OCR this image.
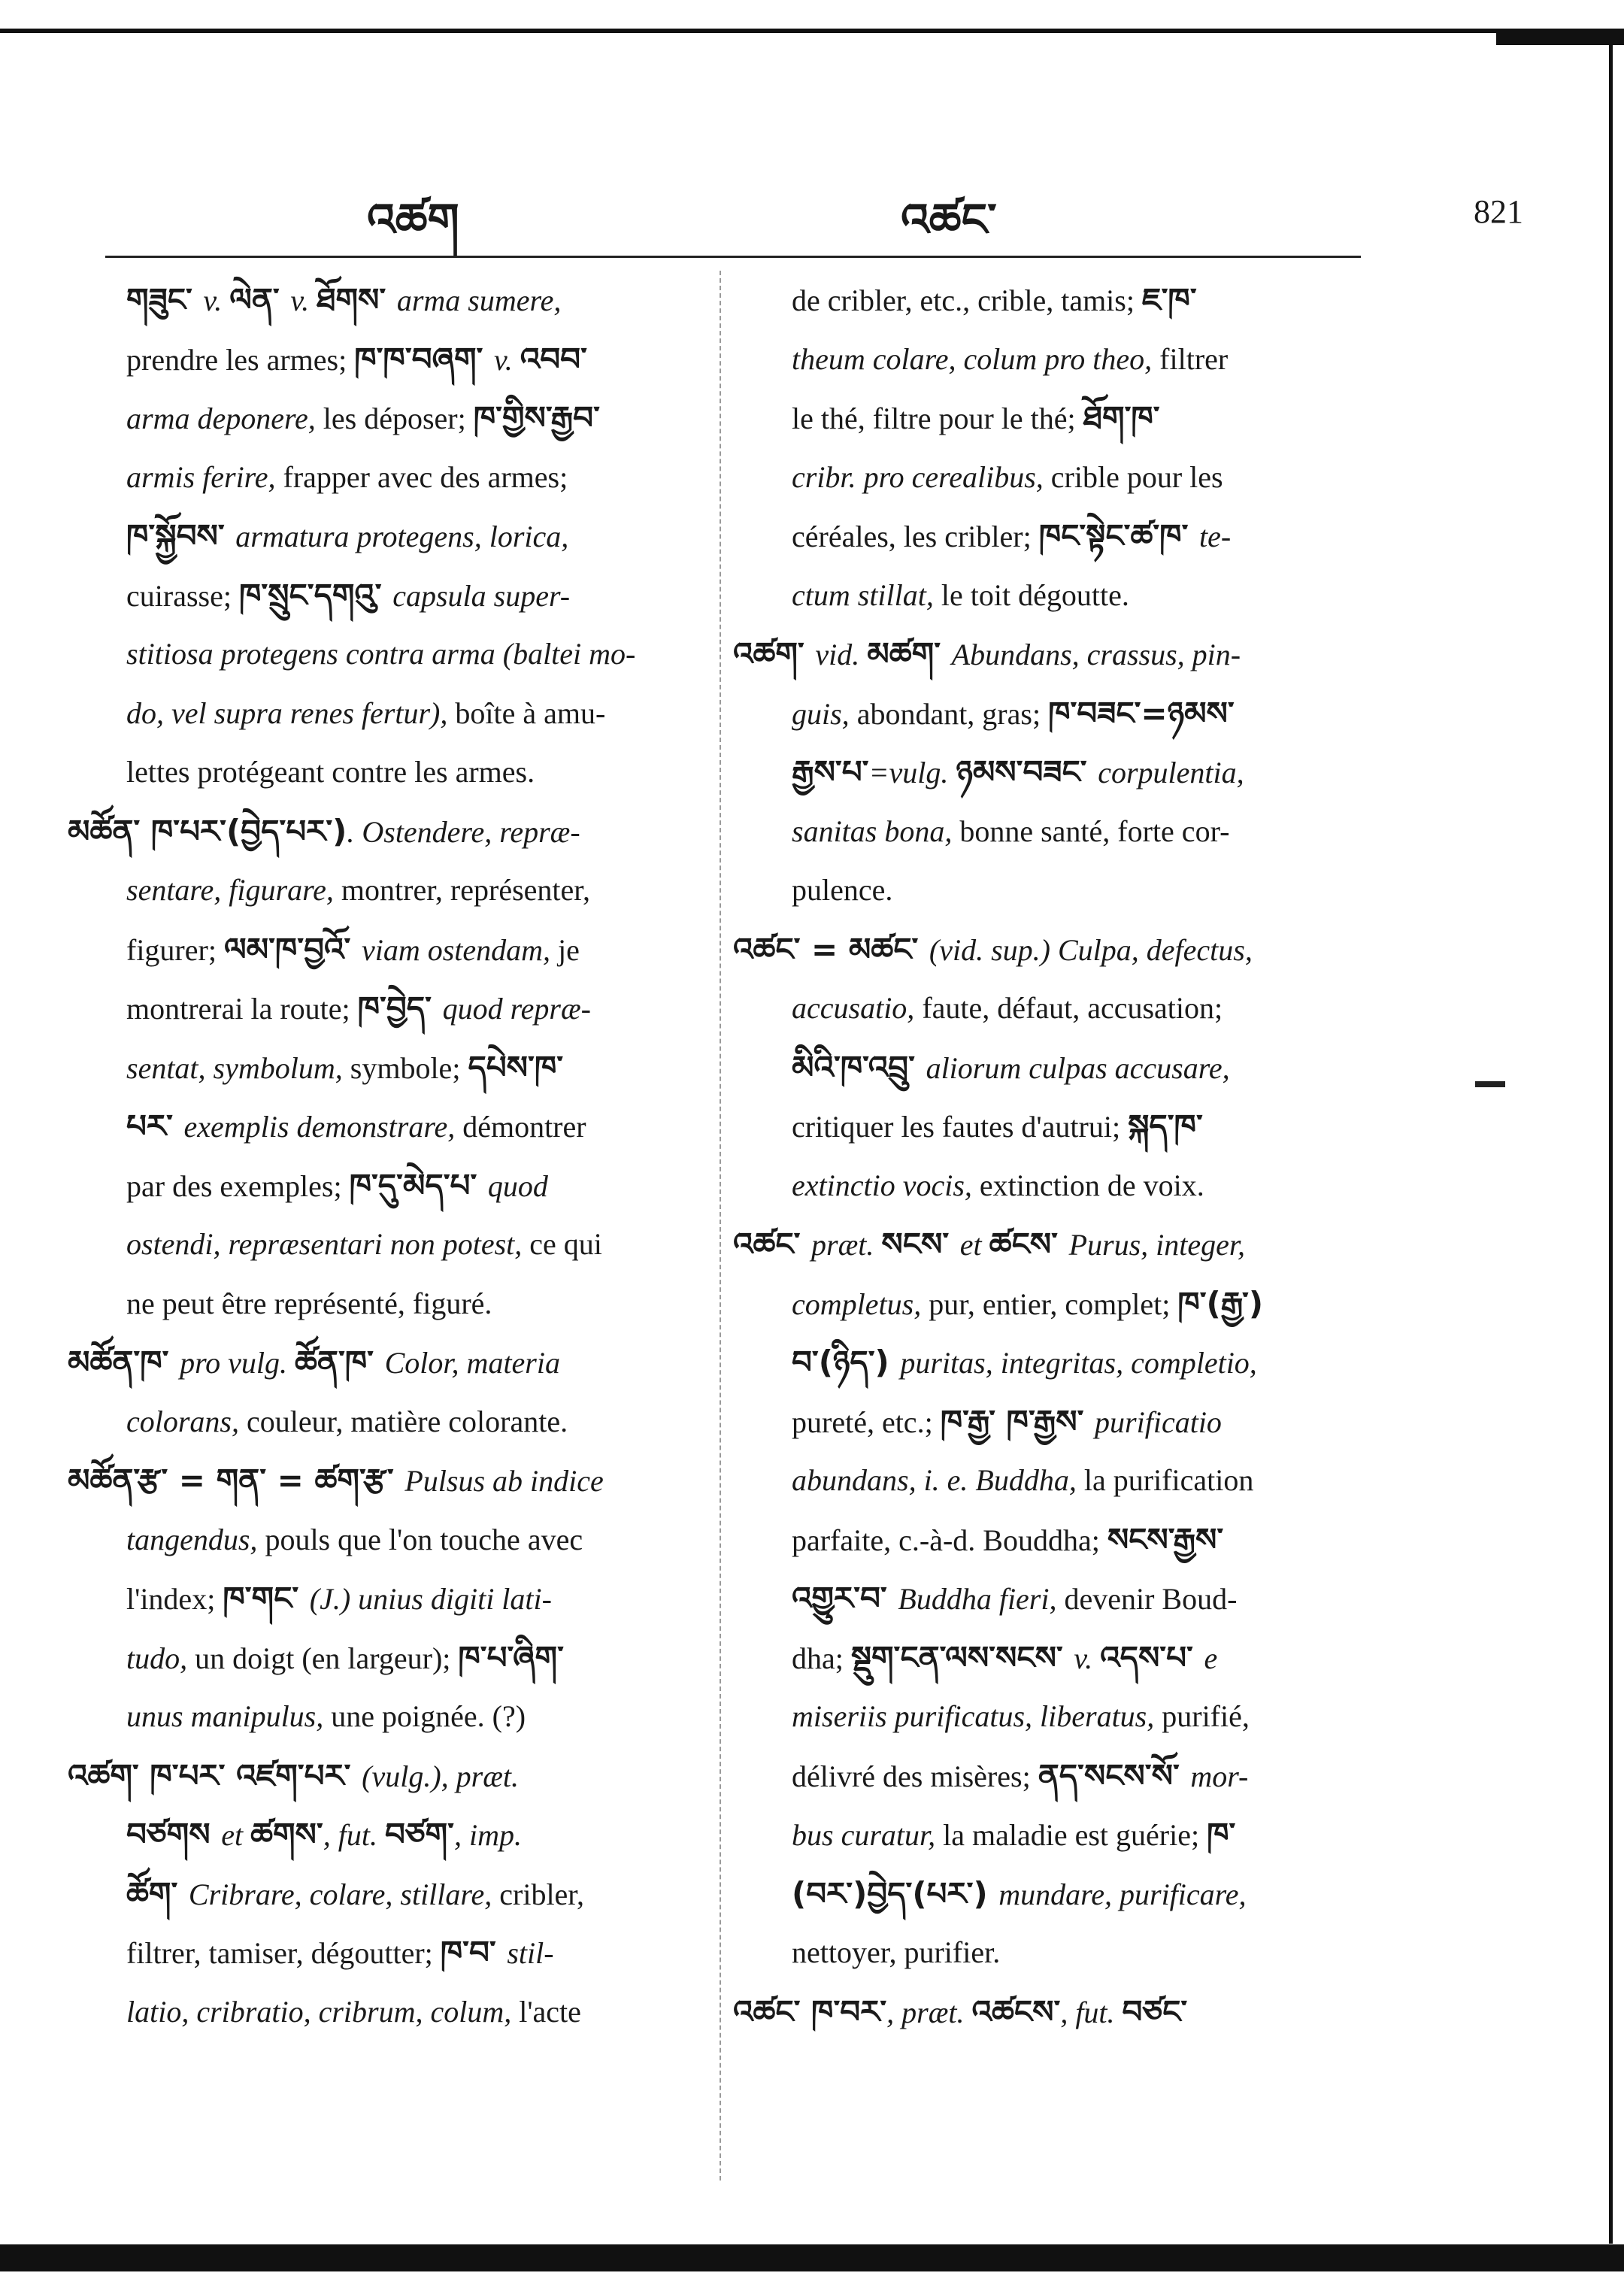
འཚག	འཚང་	821
གཟུང་ v. ལེན་ v. ཐོགས་ arma sumere,
prendre les armes; ཁ་ཁ་བཞག་ v. འབབ་
arma deponere, les déposer; ཁ་གྱིས་རྒྱབ་
armis ferire, frapper avec des armes;
ཁ་སྐྱོབས་ armatura protegens, lorica,
cuirasse; ཁ་སྲུང་དགའུ་ capsula super-
stitiosa protegens contra arma (baltei mo-
do, vel supra renes fertur), boîte à amu-
lettes protégeant contre les armes.
མཚོན་ ཁ་པར་(བྱེད་པར་). Ostendere, repræ-
sentare, figurare, montrer, représenter,
figurer; ལམ་ཁ་བྱའོ་ viam ostendam, je
montrerai la route; ཁ་བྱེད་ quod repræ-
sentat, symbolum, symbole; དཔེས་ཁ་
པར་ exemplis demonstrare, démontrer
par des exemples; ཁ་དུ་མེད་པ་ quod
ostendi, repræsentari non potest, ce qui
ne peut être représenté, figuré.
མཚོན་ཁ་ pro vulg. ཚོན་ཁ་ Color, materia
colorans, couleur, matière colorante.
མཚོན་རྩ་ = གན་ = ཚག་རྩ་ Pulsus ab indice
tangendus, pouls que l'on touche avec
l'index; ཁ་གང་ (J.) unius digiti lati-
tudo, un doigt (en largeur); ཁ་པ་ཞིག་
unus manipulus, une poignée. (?)
འཚག་ ཁ་པར་ འཛག་པར་ (vulg.), præt.
བཙགས et ཚགས་, fut. བཙག་, imp.
ཚོག་ Cribrare, colare, stillare, cribler,
filtrer, tamiser, dégoutter; ཁ་བ་ stil-
latio, cribratio, cribrum, colum, l'acte
de cribler, etc., crible, tamis; ཇ་ཁ་
theum colare, colum pro theo, filtrer
le thé, filtre pour le thé; ཐོག་ཁ་
cribr. pro cerealibus, crible pour les
céréales, les cribler; ཁང་སྟེང་ཚ་ཁ་ te-
ctum stillat, le toit dégoutte.
འཚག་ vid. མཚག་ Abundans, crassus, pin-
guis, abondant, gras; ཁ་བཟང་=ཉམས་
རྒྱས་པ་=vulg. ཉམས་བཟང་ corpulentia,
sanitas bona, bonne santé, forte cor-
pulence.
འཚང་ = མཚང་ (vid. sup.) Culpa, defectus,
accusatio, faute, défaut, accusation;
མིའི་ཁ་འབྲུ་ aliorum culpas accusare,
critiquer les fautes d'autrui; སྐད་ཁ་
extinctio vocis, extinction de voix.
འཚང་ præt. སངས་ et ཚངས་ Purus, integer,
completus, pur, entier, complet; ཁ་(རྒྱ་)
བ་(ཉིད་) puritas, integritas, completio,
pureté, etc.; ཁ་རྒྱ་ ཁ་རྒྱས་ purificatio
abundans, i. e. Buddha, la purification
parfaite, c.-à-d. Bouddha; སངས་རྒྱས་
འགྱུར་བ་ Buddha fieri, devenir Boud-
dha; སྡུག་ངན་ལས་སངས་ v. འདས་པ་ e
miseriis purificatus, liberatus, purifié,
délivré des misères; ནད་སངས་སོ་ mor-
bus curatur, la maladie est guérie; ཁ་
(བར་)བྱེད་(པར་) mundare, purificare,
nettoyer, purifier.
འཚང་ ཁ་བར་, præt. འཚངས་, fut. བཙང་
